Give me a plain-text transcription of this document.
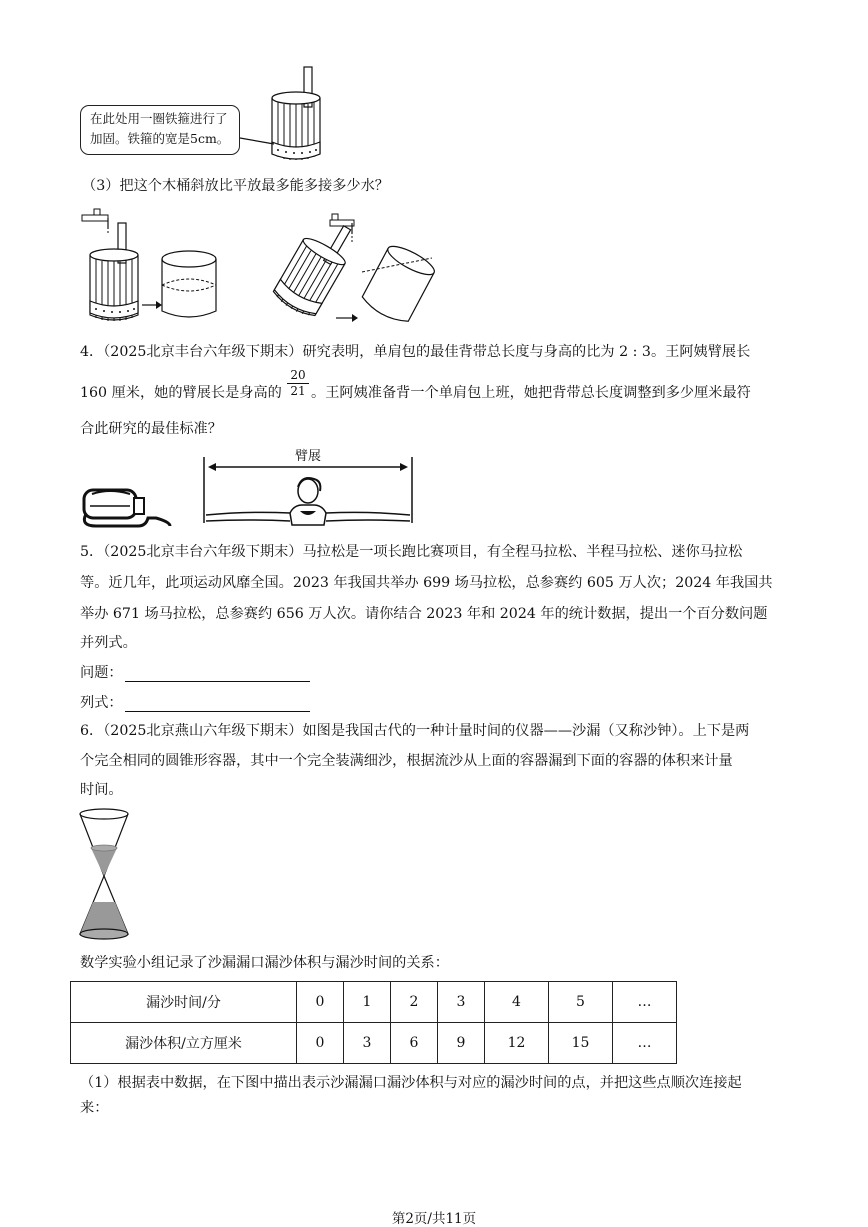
在此处用一圈铁箍进行了
加固。铁箍的宽是5cm。
（3）把这个木桶斜放比平放最多能多接多少水？
4．（2025北京丰台六年级下期末）研究表明，单肩包的最佳背带总长度与身高的比为 2 : 3。王阿姨臂展长
160 厘米，她的臂展长是身高的 $\frac{20}{21}$ 。王阿姨准备背一个单肩包上班，她把背带总长度调整到多少厘米最符
合此研究的最佳标准？
臂展
5．（2025北京丰台六年级下期末）马拉松是一项长跑比赛项目，有全程马拉松、半程马拉松、迷你马拉松
等。近几年，此项运动风靡全国。2023 年我国共举办 699 场马拉松，总参赛约 605 万人次；2024 年我国共
举办 671 场马拉松，总参赛约 656 万人次。请你结合 2023 年和 2024 年的统计数据，提出一个百分数问题
并列式。
问题：
列式：
6．（2025北京燕山六年级下期末）如图是我国古代的一种计量时间的仪器——沙漏（又称沙钟）。上下是两
个完全相同的圆锥形容器，其中一个完全装满细沙，根据流沙从上面的容器漏到下面的容器的体积来计量
时间。
数学实验小组记录了沙漏漏口漏沙体积与漏沙时间的关系：
漏沙时间/分	0	1	2	3	4	5	…
漏沙体积/立方厘米	0	3	6	9	12	15	…
（1）根据表中数据，在下图中描出表示沙漏漏口漏沙体积与对应的漏沙时间的点，并把这些点顺次连接起
来：
第2页/共11页
